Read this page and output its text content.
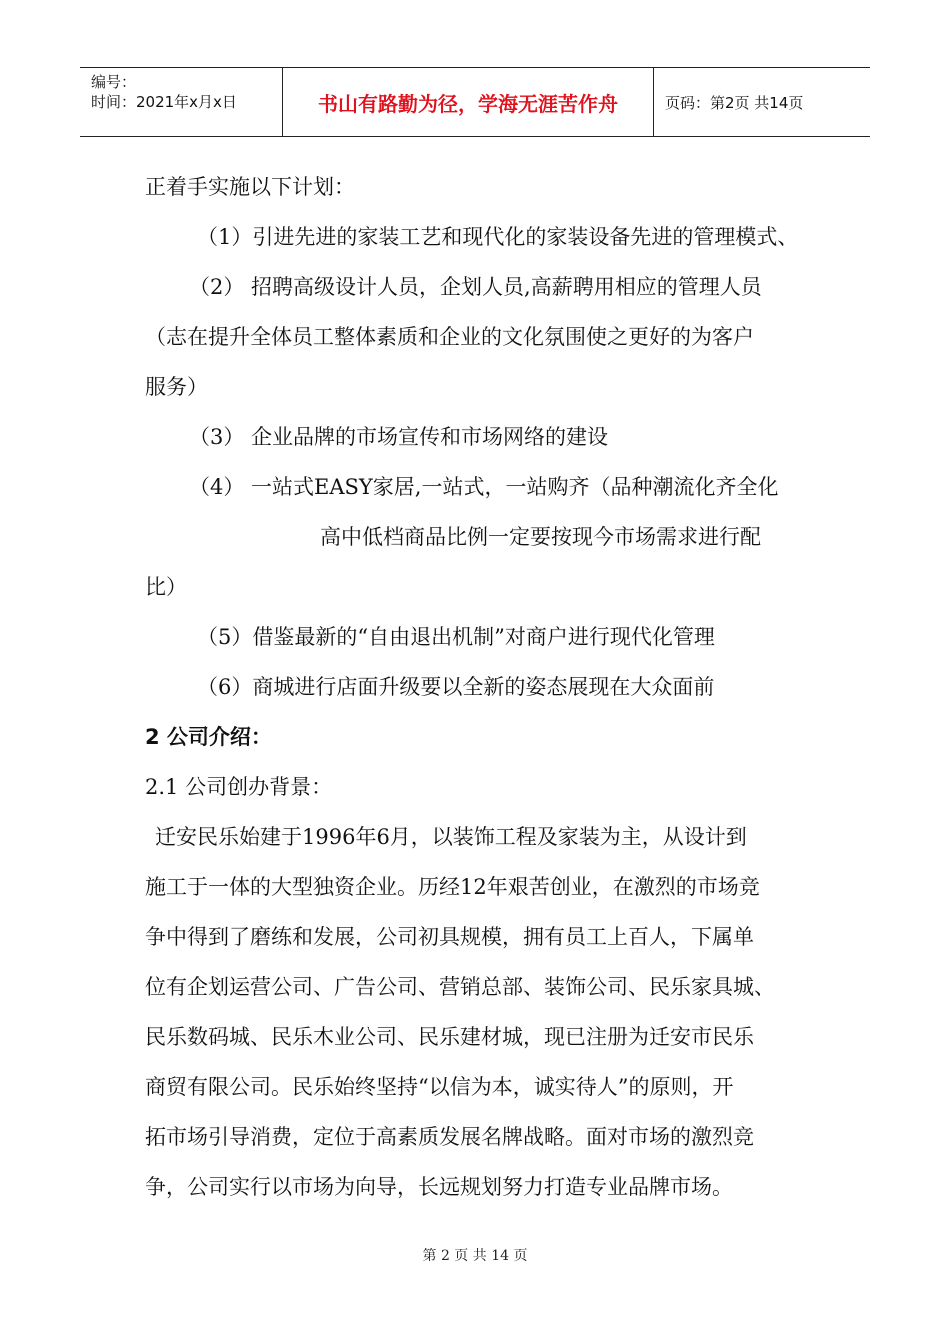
编号：
时间：2021年x月x日	书山有路勤为径，学海无涯苦作舟	页码：第2页 共14页
正着手实施以下计划：
（1）引进先进的家装工艺和现代化的家装设备先进的管理模式、
（2） 招聘高级设计人员，企划人员,高薪聘用相应的管理人员
（志在提升全体员工整体素质和企业的文化氛围使之更好的为客户
服务）
（3） 企业品牌的市场宣传和市场网络的建设
（4） 一站式EASY家居,一站式，一站购齐（品种潮流化齐全化
高中低档商品比例一定要按现今市场需求进行配
比）
（5）借鉴最新的“自由退出机制”对商户进行现代化管理
（6）商城进行店面升级要以全新的姿态展现在大众面前
2 公司介绍：
2.1 公司创办背景：
迁安民乐始建于1996年6月，以装饰工程及家装为主，从设计到
施工于一体的大型独资企业。历经12年艰苦创业，在激烈的市场竞
争中得到了磨练和发展，公司初具规模，拥有员工上百人，下属单
位有企划运营公司、广告公司、营销总部、装饰公司、民乐家具城、
民乐数码城、民乐木业公司、民乐建材城，现已注册为迁安市民乐
商贸有限公司。民乐始终坚持“以信为本，诚实待人”的原则，开
拓市场引导消费，定位于高素质发展名牌战略。面对市场的激烈竞
争，公司实行以市场为向导，长远规划努力打造专业品牌市场。
第 2 页 共 14 页
